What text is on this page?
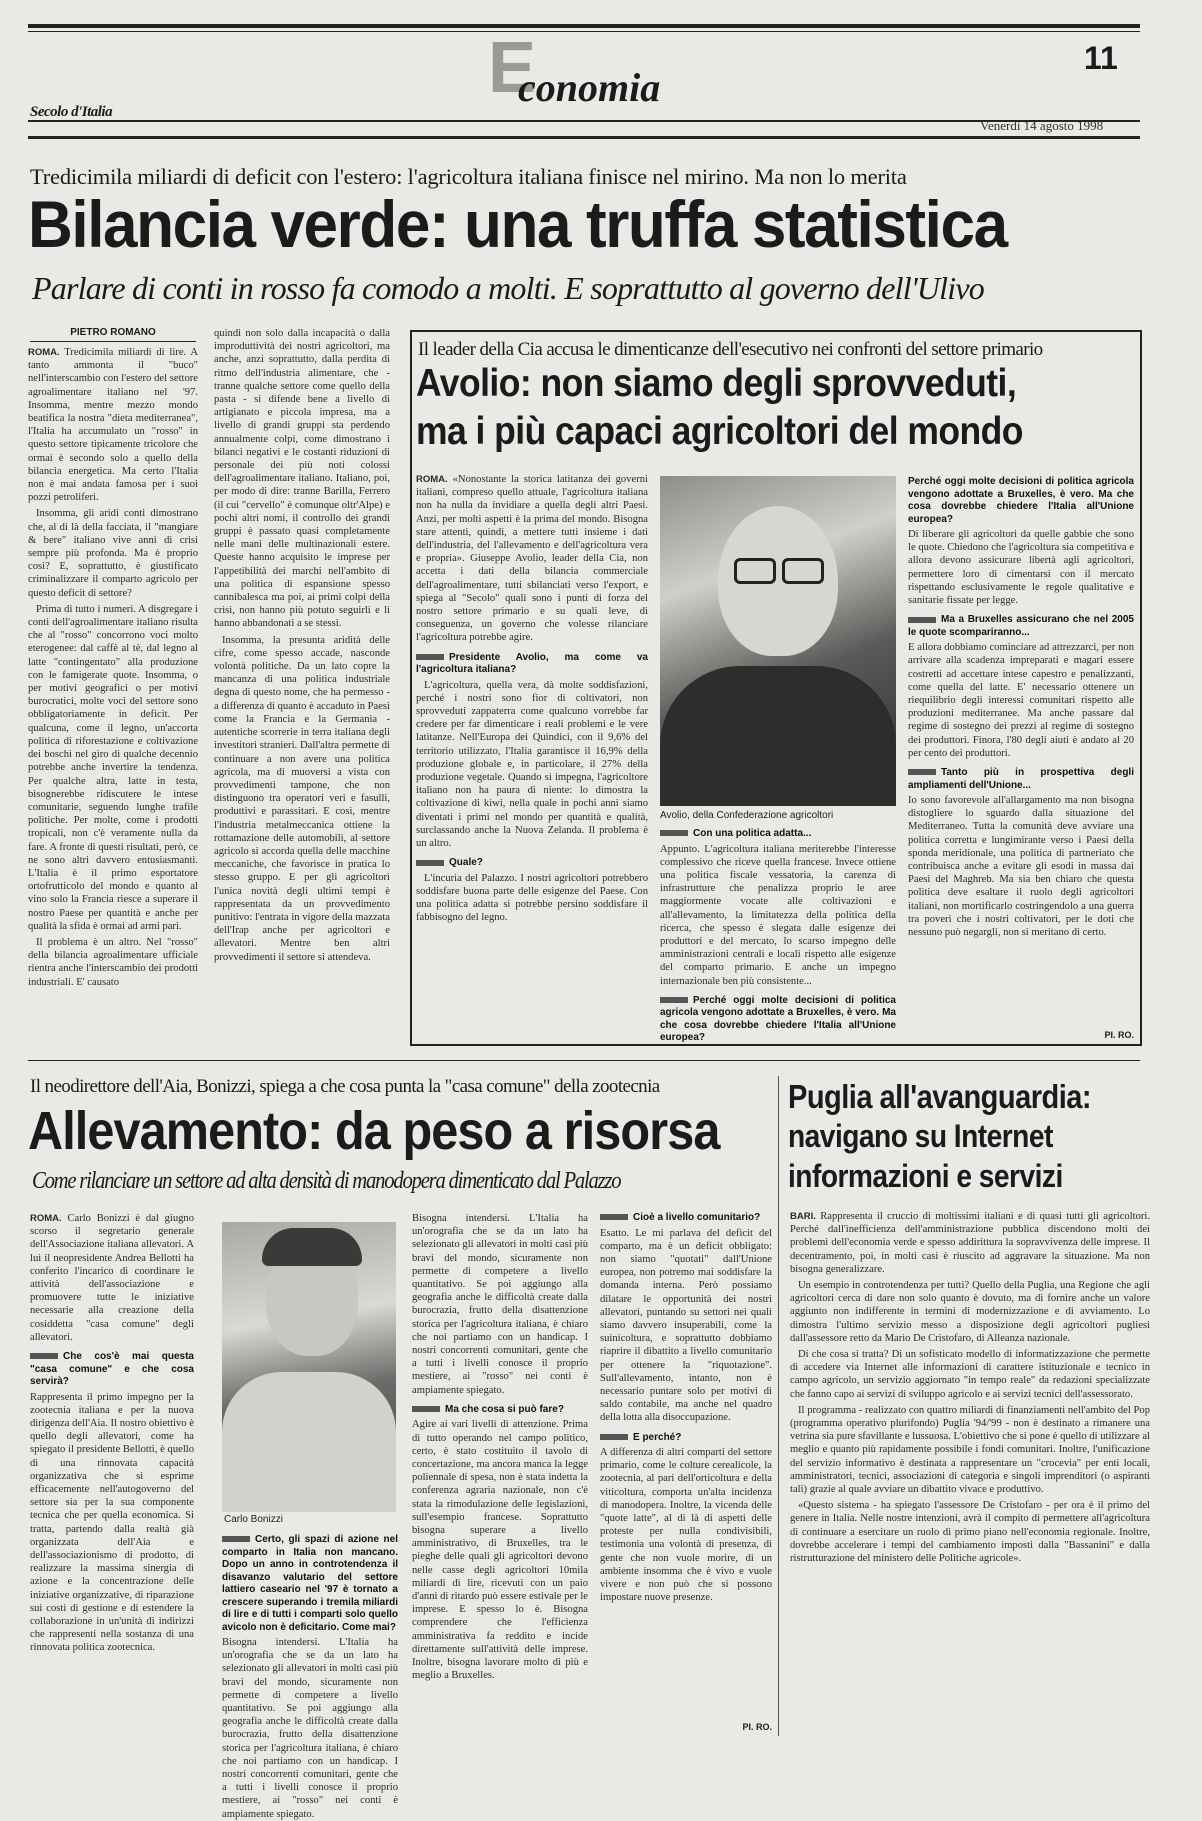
Economia
11
Secolo d'Italia
Venerdì 14 agosto 1998
Tredicimila miliardi di deficit con l'estero: l'agricoltura italiana finisce nel mirino. Ma non lo merita
Bilancia verde: una truffa statistica
Parlare di conti in rosso fa comodo a molti. E soprattutto al governo dell'Ulivo
PIETRO ROMANO

ROMA. Tredicimila miliardi di lire. A tanto ammonta il "buco" nell'interscambio con l'estero del settore agroalimentare italiano nel '97. Insomma, mentre mezzo mondo beatifica la nostra "dieta mediterranea", l'Italia ha accumulato un "rosso" in questo settore tipicamente tricolore che ormai è secondo solo a quello della bilancia energetica. Ma certo l'Italia non è mai andata famosa per i suoi pozzi petroliferi.

Insomma, gli aridi conti dimostrano che, al di là della facciata, il "mangiare & bere" italiano vive anni di crisi sempre più profonda. Ma è proprio così? E, soprattutto, è giustificato criminalizzare il comparto agricolo per questo deficit di settore?

Prima di tutto i numeri. A disgregare i conti dell'agroalimentare italiano risulta che al "rosso" concorrono voci molto eterogenee: dal caffè al tè, dal legno al latte "contingentato" alla produzione con le famigerate quote. Insomma, o per motivi geografici o per motivi burocratici, molte voci del settore sono obbligatoriamente in deficit. Per qualcuna, come il legno, un'accorta politica di riforestazione e coltivazione dei boschi nel giro di qualche decennio potrebbe anche invertire la tendenza. Per qualche altra, latte in testa, bisognerebbe ridiscutere le intese comunitarie, seguendo lunghe trafile politiche. Per molte, come i prodotti tropicali, non c'è veramente nulla da fare. A fronte di questi risultati, però, ce ne sono altri davvero entusiasmanti. L'Italia è il primo esportatore ortofrutticolo del mondo e quanto al vino solo la Francia riesce a superare il nostro Paese per quantità e anche per qualità la sfida è ormai ad armi pari.

Il problema è un altro. Nel "rosso" della bilancia agroalimentare ufficiale rientra anche l'interscambio dei prodotti industriali. E' causato

quindi non solo dalla incapacità o dalla improduttività dei nostri agricoltori, ma anche, anzi soprattutto, dalla perdita di ritmo dell'industria alimentare, che - tranne qualche settore come quello della pasta - si difende bene a livello di artigianato e piccola impresa, ma a livello di grandi gruppi sta perdendo annualmente colpi, come dimostrano i bilanci negativi e le costanti riduzioni di personale dei più noti colossi dell'agroalimentare italiano. Italiano, poi, per modo di dire: tranne Barilla, Ferrero (il cui "cervello" è comunque oltr'Alpe) e pochi altri nomi, il controllo dei grandi gruppi è passato quasi completamente nelle mani delle multinazionali estere. Queste hanno acquisito le imprese per l'appetibilità dei marchi nell'ambito di una politica di espansione spesso cannibalesca ma poi, ai primi colpi della crisi, non hanno più potuto seguirli e li hanno abbandonati a se stessi.

Insomma, la presunta aridità delle cifre, come spesso accade, nasconde volontà politiche. Da un lato copre la mancanza di una politica industriale degna di questo nome, che ha permesso - a differenza di quanto è accaduto in Paesi come la Francia e la Germania - autentiche scorrerie in terra italiana degli investitori stranieri. Dall'altra permette di continuare a non avere una politica agricola, ma di muoversi a vista con provvedimenti tampone, che non distinguono tra operatori veri e fasulli, produttivi e parassitari. E così, mentre l'industria metalmeccanica ottiene la rottamazione delle automobili, al settore agricolo si accorda quella delle macchine meccaniche, che favorisce in pratica lo stesso gruppo. E per gli agricoltori l'unica novità degli ultimi tempi è rappresentata da un provvedimento punitivo: l'entrata in vigore della mazzata dell'Irap anche per agricoltori e allevatori. Mentre ben altri provvedimenti il settore si attendeva.

Il leader della Cia accusa le dimenticanze dell'esecutivo nei confronti del settore primario
Avolio: non siamo degli sprovveduti,
ma i più capaci agricoltori del mondo

ROMA. «Nonostante la storica latitanza dei governi italiani, compreso quello attuale, l'agricoltura italiana non ha nulla da invidiare a quella degli altri Paesi. Anzi, per molti aspetti è la prima del mondo. Bisogna stare attenti, quindi, a mettere tutti insieme i dati dell'industria, del l'allevamento e dell'agricoltura vera e propria». Giuseppe Avolio, leader della Cia, non accetta i dati della bilancia commerciale dell'agroalimentare, tutti sbilanciati verso l'export, e spiega al "Secolo" quali sono i punti di forza del nostro settore primario e su quali leve, di conseguenza, un governo che volesse rilanciare l'agricoltura potrebbe agire.

Presidente Avolio, ma come va l'agricoltura italiana?

L'agricoltura, quella vera, dà molte soddisfazioni, perché i nostri sono fior di coltivatori, non sprovveduti zappaterra come qualcuno vorrebbe far credere per far dimenticare i reali problemi e le vere latitanze. Nell'Europa dei Quindici, con il 9,6% del territorio utilizzato, l'Italia garantisce il 16,9% della produzione globale e, in particolare, il 27% della produzione vegetale. Quando si impegna, l'agricoltore italiano non ha paura di niente: lo dimostra la coltivazione di kiwi, nella quale in pochi anni siamo diventati i primi nel mondo per quantità e qualità, surclassando anche la Nuova Zelanda. Il problema è un altro.

Quale?

L'incuria del Palazzo. I nostri agricoltori potrebbero soddisfare buona parte delle esigenze del Paese. Con una politica adatta si potrebbe persino soddisfare il fabbisogno del legno.

Avolio, della Confederazione agricoltori

Con una politica adatta...

Appunto. L'agricoltura italiana meriterebbe l'interesse complessivo che riceve quella francese. Invece ottiene una politica fiscale vessatoria, la carenza di infrastrutture che penalizza proprio le aree maggiormente vocate alle coltivazioni e all'allevamento, la limitatezza della politica della ricerca, che spesso è slegata dalle esigenze dei produttori e del mercato, lo scarso impegno delle amministrazioni centrali e locali rispetto alle esigenze del comparto primario. E anche un impegno internazionale ben più consistente...

Perché oggi molte decisioni di politica agricola vengono adottate a Bruxelles, è vero. Ma che cosa dovrebbe chiedere l'Italia all'Unione europea?

Perché oggi molte decisioni di politica agricola vengono adottate a Bruxelles, è vero. Ma che cosa dovrebbe chiedere l'Italia all'Unione europea?

Di liberare gli agricoltori da quelle gabbie che sono le quote. Chiedono che l'agricoltura sia competitiva e allora devono assicurare libertà agli agricoltori, permettere loro di cimentarsi con il mercato rispettando esclusivamente le regole qualitative e sanitarie fissate per legge.

Ma a Bruxelles assicurano che nel 2005 le quote scompariranno...

E allora dobbiamo cominciare ad attrezzarci, per non arrivare alla scadenza impreparati e magari essere costretti ad accettare intese capestro e penalizzanti, come quella del latte. E' necessario ottenere un riequilibrio degli interessi comunitari rispetto alle produzioni mediterranee. Ma anche passare dal regime di sostegno dei prezzi al regime di sostegno dei produttori. Finora, l'80 degli aiuti è andato al 20 per cento dei produttori.

Tanto più in prospettiva degli ampliamenti dell'Unione...

Io sono favorevole all'allargamento ma non bisogna distogliere lo sguardo dalla situazione del Mediterraneo. Tutta la comunità deve avviare una politica corretta e lungimirante verso i Paesi della sponda meridionale, una politica di partneriato che contribuisca anche a evitare gli esodi in massa dai Paesi del Maghreb. Ma sia ben chiaro che questa politica deve esaltare il ruolo degli agricoltori italiani, non mortificarlo costringendolo a una guerra tra poveri che i nostri coltivatori, per le doti che nessuno può negargli, non si meritano di certo.

PI. RO.
Il neodirettore dell'Aia, Bonizzi, spiega a che cosa punta la "casa comune" della zootecnia
Allevamento: da peso a risorsa
Come rilanciare un settore ad alta densità di manodopera dimenticato dal Palazzo

ROMA. Carlo Bonizzi è dal giugno scorso il segretario generale dell'Associazione italiana allevatori. A lui il neopresidente Andrea Bellotti ha conferito l'incarico di coordinare le attività dell'associazione e promuovere tutte le iniziative necessarie alla creazione della cosiddetta "casa comune" degli allevatori.

Che cos'è mai questa "casa comune" e che cosa servirà?

Rappresenta il primo impegno per la zootecnia italiana e per la nuova dirigenza dell'Aia. Il nostro obiettivo è quello degli allevatori, come ha spiegato il presidente Bellotti, è quello di una rinnovata capacità organizzativa che si esprime efficacemente nell'autogoverno del settore sia per la sua componente tecnica che per quella economica. Si tratta, partendo dalla realtà già organizzata dell'Aia e dell'associazionismo di prodotto, di realizzare la massima sinergia di azione e la concentrazione delle iniziative organizzative, di riparazione sui costi di gestione e di estendere la collaborazione in un'unità di indirizzi che rappresenti nella sostanza di una rinnovata politica zootecnica.

Carlo Bonizzi

Certo, gli spazi di azione nel comparto in Italia non mancano. Dopo un anno in controtendenza il disavanzo valutario del settore lattiero caseario nel '97 è tornato a crescere superando i tremila miliardi di lire e di tutti i comparti solo quello avicolo non è deficitario. Come mai?

Bisogna intendersi. L'Italia ha un'orografia che se da un lato ha selezionato gli allevatori in molti casi più bravi del mondo, sicuramente non permette di competere a livello quantitativo. Se poi aggiungo alla geografia anche le difficoltà create dalla burocrazia, frutto della disattenzione storica per l'agricoltura italiana, è chiaro che noi partiamo con un handicap. I nostri concorrenti comunitari, gente che a tutti i livelli conosce il proprio mestiere, ai "rosso" nei conti è ampiamente spiegato.

Bisogna intendersi. L'Italia ha un'orografia che se da un lato ha selezionato gli allevatori in molti casi più bravi del mondo, sicuramente non permette di competere a livello quantitativo. Se poi aggiungo alla geografia anche le difficoltà create dalla burocrazia, frutto della disattenzione storica per l'agricoltura italiana, è chiaro che noi partiamo con un handicap. I nostri concorrenti comunitari, gente che a tutti i livelli conosce il proprio mestiere, ai "rosso" nei conti è ampiamente spiegato.

Ma che cosa si può fare?

Agire ai vari livelli di attenzione. Prima di tutto operando nel campo politico, certo, è stato costituito il tavolo di concertazione, ma ancora manca la legge poliennale di spesa, non è stata indetta la conferenza agraria nazionale, non c'è stata la rimodulazione delle legislazioni, sull'esempio francese. Soprattutto bisogna superare a livello amministrativo, di Bruxelles, tra le pieghe delle quali gli agricoltori devono nelle casse degli agricoltori 10mila miliardi di lire, ricevuti con un paio d'anni di ritardo può essere estivale per le imprese. E spesso lo è. Bisogna comprendere che l'efficienza amministrativa fa reddito e incide direttamente sull'attività delle imprese. Inoltre, bisogna lavorare molto di più e meglio a Bruxelles.

Cioè a livello comunitario?

Esatto. Le mi parlava del deficit del comparto, ma è un deficit obbligato: non siamo "quotati" dall'Unione europea, non potremo mai soddisfare la domanda interna. Però possiamo dilatare le opportunità dei nostri allevatori, puntando su settori nei quali siamo davvero insuperabili, come la suinicoltura, e soprattutto dobbiamo riaprire il dibattito a livello comunitario per ottenere la "riquotazione". Sull'allevamento, intanto, non è necessario puntare solo per motivi di saldo contabile, ma anche nel quadro della lotta alla disoccupazione.

E perché?

A differenza di altri comparti del settore primario, come le colture cerealicole, la zootecnia, al pari dell'orticoltura e della viticoltura, comporta un'alta incidenza di manodopera. Inoltre, la vicenda delle "quote latte", al di là di aspetti delle proteste per nulla condivisibili, testimonia una volontà di presenza, di gente che non vuole morire, di un ambiente insomma che è vivo e vuole vivere e non può che si possono impostare nuove presenze.

PI. RO.
Puglia all'avanguardia:
navigano su Internet
informazioni e servizi

BARI. Rappresenta il cruccio di moltissimi italiani e di quasi tutti gli agricoltori. Perché dall'inefficienza dell'amministrazione pubblica discendono molti dei problemi dell'economia verde e spesso addirittura la sopravvivenza delle imprese. Il decentramento, poi, in molti casi è riuscito ad aggravare la situazione. Ma non bisogna generalizzare.

Un esempio in controtendenza per tutti? Quello della Puglia, una Regione che agli agricoltori cerca di dare non solo quanto è dovuto, ma di fornire anche un valore aggiunto non indifferente in termini di modernizzazione e di avviamento. Lo dimostra l'ultimo servizio messo a disposizione degli agricoltori pugliesi dall'assessore retto da Mario De Cristofaro, di Alleanza nazionale.

Di che cosa si tratta? Di un sofisticato modello di informatizzazione che permette di accedere via Internet alle informazioni di carattere istituzionale e tecnico in campo agricolo, un servizio aggiornato "in tempo reale" da redazioni specializzate che fanno capo ai servizi di sviluppo agricolo e ai servizi tecnici dell'assessorato.

Il programma - realizzato con quattro miliardi di finanziamenti nell'ambito del Pop (programma operativo plurifondo) Puglia '94/'99 - non è destinato a rimanere una vetrina sia pure sfavillante e lussuosa. L'obiettivo che si pone è quello di utilizzare al meglio e quanto più rapidamente possibile i fondi comunitari. Inoltre, l'unificazione del servizio informativo è destinata a rappresentare un "crocevia" per enti locali, amministratori, tecnici, associazioni di categoria e singoli imprenditori (o aspiranti tali) grazie al quale avviare un dibattito vivace e produttivo.

«Questo sistema - ha spiegato l'assessore De Cristofaro - per ora è il primo del genere in Italia. Nelle nostre intenzioni, avrà il compito di permettere all'agricoltura di continuare a esercitare un ruolo di primo piano nell'economia regionale. Inoltre, dovrebbe accelerare i tempi del cambiamento imposti dalla "Bassanini" e dalla ristrutturazione del ministero delle Politiche agricole».
